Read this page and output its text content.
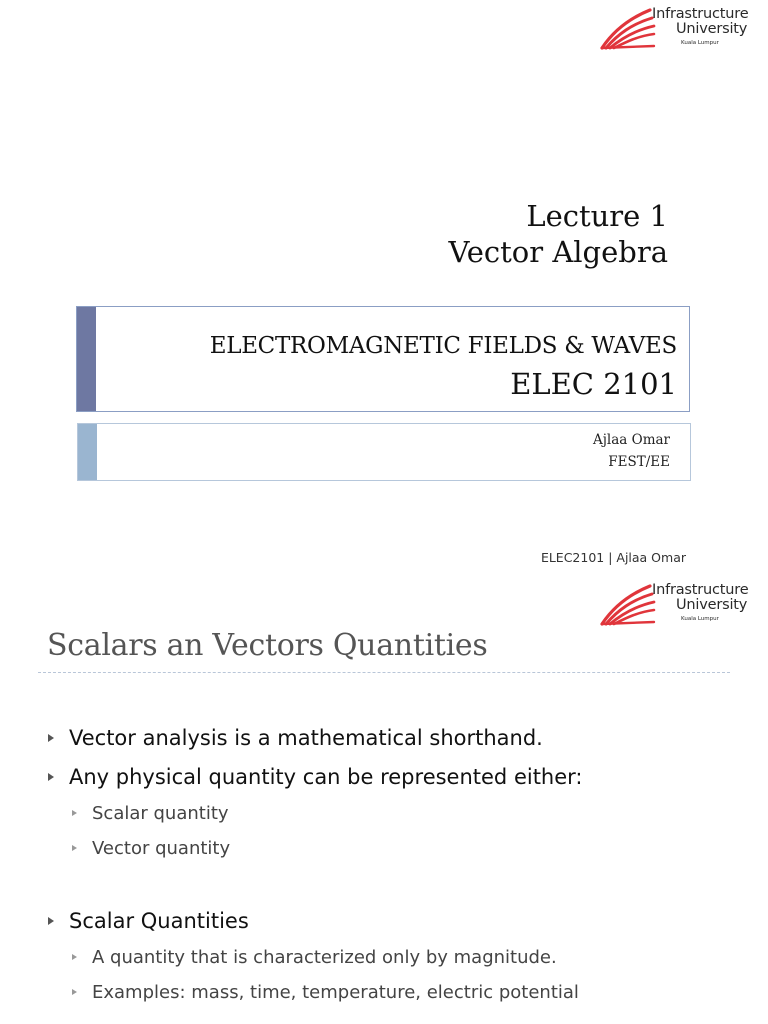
Infrastructure
University
Kuala Lumpur
Lecture 1
Vector Algebra
ELECTROMAGNETIC FIELDS & WAVES
ELEC 2101
Ajlaa Omar
FEST/EE
ELEC2101 | Ajlaa Omar
Infrastructure
University
Kuala Lumpur
Scalars an Vectors Quantities
Vector analysis is a mathematical shorthand.
Any physical quantity can be represented either:
Scalar quantity
Vector quantity
Scalar Quantities
A quantity that is characterized only by magnitude.
Examples: mass, time, temperature, electric potential
